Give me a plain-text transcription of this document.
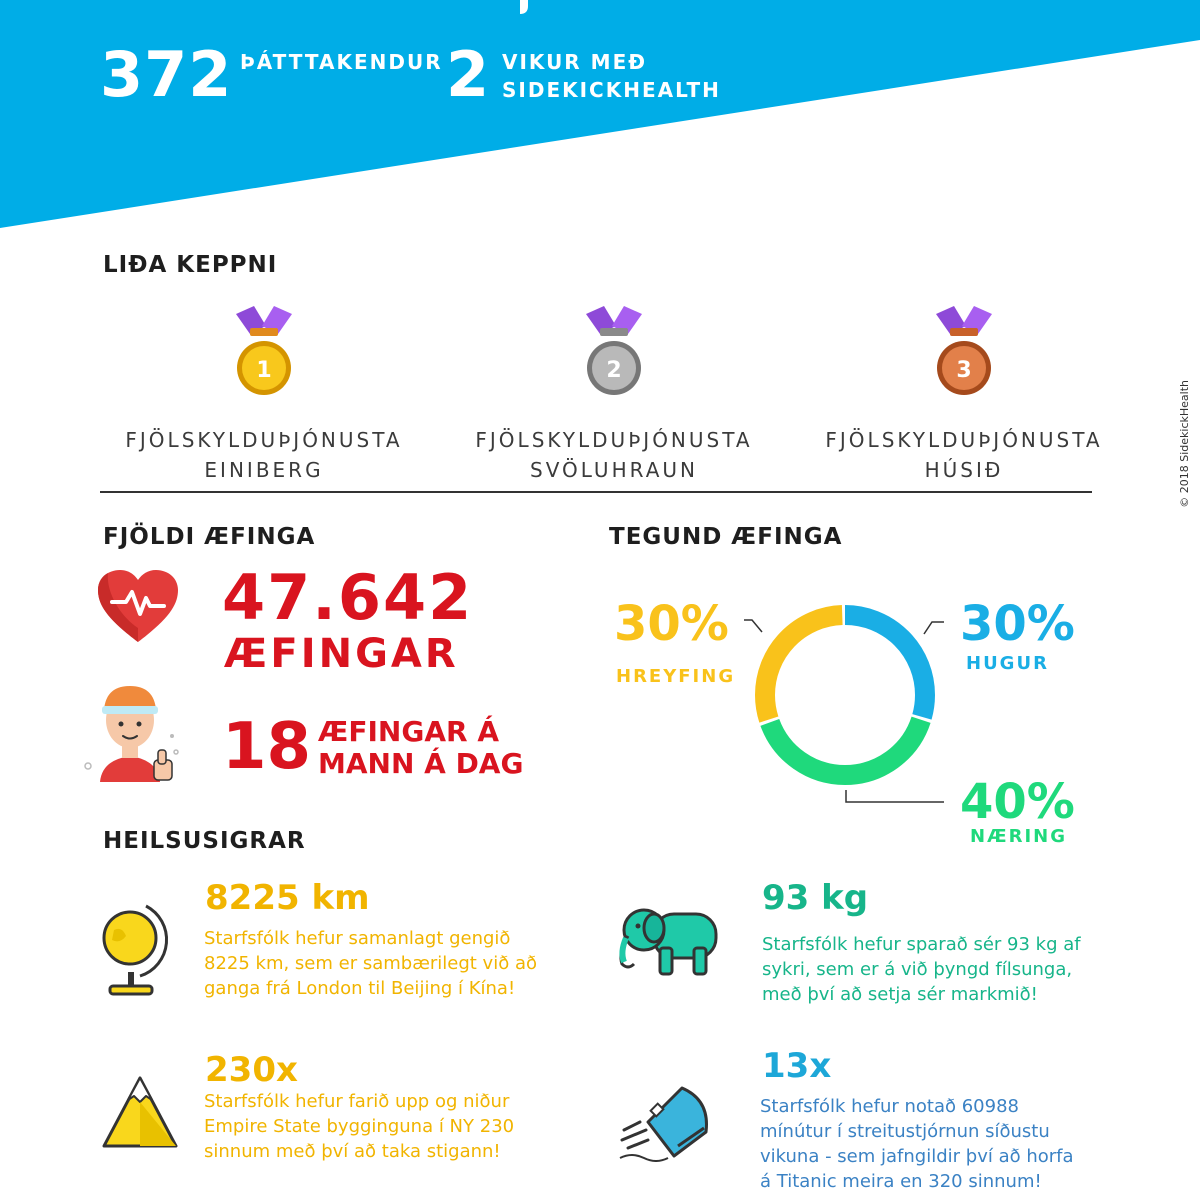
372 ÞÁTTTAKENDUR 2 VIKUR MEÐ
SIDEKICKHEALTH
© 2018 SidekickHealth
LIÐA KEPPNI
1	2	3
FJÖLSKYLDUÞJÓNUSTA
EINIBERG
FJÖLSKYLDUÞJÓNUSTA
SVÖLUHRAUN
FJÖLSKYLDUÞJÓNUSTA
HÚSIÐ
FJÖLDI ÆFINGA
47.642
ÆFINGAR
18 ÆFINGAR Á
MANN Á DAG
TEGUND ÆFINGA
30%
HREYFING
30%
HUGUR
40%
NÆRING
HEILSUSIGRAR
8225 km
Starfsfólk hefur samanlagt gengið
8225 km, sem er sambærilegt við að
ganga frá London til Beijing í Kína!
93 kg
Starfsfólk hefur sparað sér 93 kg af
sykri, sem er á við þyngd fílsunga,
með því að setja sér markmið!
230x
Starfsfólk hefur farið upp og niður
Empire State bygginguna í NY 230
sinnum með því að taka stigann!
13x
Starfsfólk hefur notað 60988
mínútur í streitustjórnun síðustu
vikuna - sem jafngildir því að horfa
á Titanic meira en 320 sinnum!
